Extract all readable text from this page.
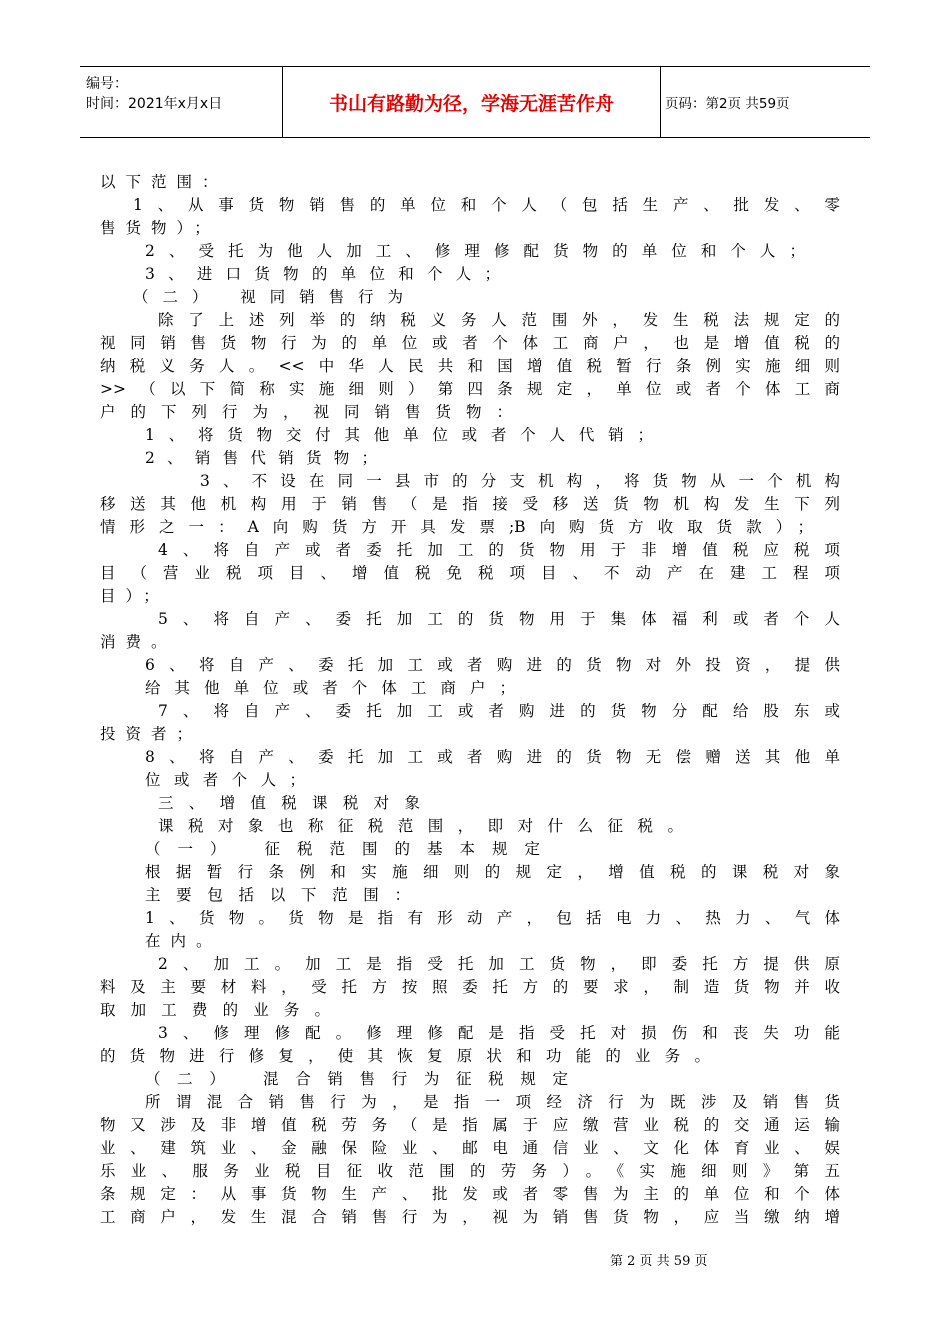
编号：
时间：2021年x月x日	书山有路勤为径，学海无涯苦作舟	页码：第2页 共59页
以下范围：
1、从事货物销售的单位和个人（包括生产、批发、零
售货物）；
2、受托为他人加工、修理修配货物的单位和个人；
3、进口货物的单位和个人；
（二） 视同销售行为
除了上述列举的纳税义务人范围外，发生税法规定的
视同销售货物行为的单位或者个体工商户，也是增值税的
纳税义务人。<<中华人民共和国增值税暂行条例实施细则
>>（以下简称实施细则）第四条规定，单位或者个体工商
户的下列行为，视同销售货物：
1、将货物交付其他单位或者个人代销；
2、销售代销货物；
3、不设在同一县市的分支机构，将货物从一个机构
移送其他机构用于销售（是指接受移送货物机构发生下列
情形之一：A向购货方开具发票;B向购货方收取货款）；
4、将自产或者委托加工的货物用于非增值税应税项
目（营业税项目、增值税免税项目、不动产在建工程项
目）；
5、将自产、委托加工的货物用于集体福利或者个人
消费。
6、将自产、委托加工或者购进的货物对外投资，提供
给其他单位或者个体工商户；
7、将自产、委托加工或者购进的货物分配给股东或
投资者；
8、将自产、委托加工或者购进的货物无偿赠送其他单
位或者个人；
三、增值税课税对象
课税对象也称征税范围，即对什么征税。
（一） 征税范围的基本规定
根据暂行条例和实施细则的规定，增值税的课税对象
主要包括以下范围：
1、货物。货物是指有形动产，包括电力、热力、气体
在内。
2、加工。加工是指受托加工货物，即委托方提供原
料及主要材料，受托方按照委托方的要求，制造货物并收
取加工费的业务。
3、修理修配。修理修配是指受托对损伤和丧失功能
的货物进行修复，使其恢复原状和功能的业务。
（二） 混合销售行为征税规定
所谓混合销售行为，是指一项经济行为既涉及销售货
物又涉及非增值税劳务（是指属于应缴营业税的交通运输
业、建筑业、金融保险业、邮电通信业、文化体育业、娱
乐业、服务业税目征收范围的劳务）。《实施细则》第五
条规定：从事货物生产、批发或者零售为主的单位和个体
工商户，发生混合销售行为，视为销售货物，应当缴纳增
第 2 页 共 59 页
